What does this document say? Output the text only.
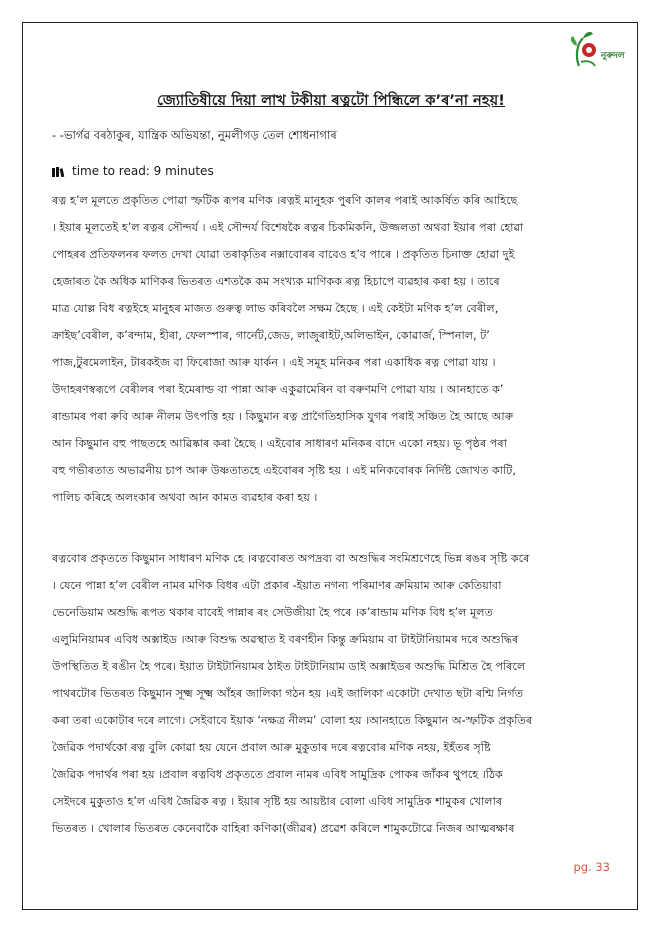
নুৰুদল
জ্যোতিষীয়ে দিয়া লাখ টকীয়া ৰত্নটো পিন্ধিলে ক’ৰ’না নহয়!
- -ভাৰ্গৱ বৰঠাকুৰ, যান্ত্ৰিক অভিযন্তা, নুমলীগড় তেল শোধনাগাৰ
time to read: 9 minutes
ৰত্ন হ’ল মূলতে প্ৰকৃতিত পোৱা স্ফটিক ৰূপৰ মণিক ।ৰত্নই মানুহক পুৰণি কালৰ পৰাই আকৰ্ষিত কৰি আহিছে
। ইয়াৰ মূলতেই হ’ল ৰত্নৰ সৌন্দৰ্য । এই সৌন্দৰ্য বিশেষকৈ ৰত্নৰ চিকমিকনি, উজ্জলতা অথবা ইয়াৰ পৰা হোৱা
পোহৰৰ প্ৰতিফলনৰ ফলত দেখা যোৱা তৰাকৃতিৰ নক্সাবোৰৰ বাবেও হ’ব পাৰে । প্ৰকৃতিত চিনাক্ত হোৱা দুই
হেজাৰত কৈ অধিক মাণিকৰ ভিতৰত এশতকৈ কম সংখ্যক মাণিকক ৰত্ন হিচাপে ব্যৱহাৰ কৰা হয় । তাৰে
মাত্ৰ যোল্ল বিধ ৰত্নইহে মানুহৰ মাজত গুৰুত্ব লাভ কৰিবলৈ সক্ষম হৈছে । এই কেইটা মণিক হ’ল বেৰীল,
ক্ৰাইছ’বেৰীল, ক’ৰন্দাম, হীৰা, ফেলস্পাৰ, গাৰ্নেট,জেড, লাজুৰাইট,অলিভাইন, কোৱাৰ্জ, স্পিনাল, ট’
পাজ,টুৰমেলাইন, টাৰকইজ বা ফিৰোজা আৰু যাৰ্কন । এই সমূহ মনিকৰ পৰা একাধিক ৰত্ন পোৱা যায় ।
উদাহৰণস্বৰূপে বেৰীলৰ পৰা ইমেৰাল্ড বা পান্না আৰু একুৱামেৰিন বা বৰুণমণি পোৱা যায় । আনহাতে ক’
ৰান্ডামৰ পৰা ৰুবি আৰু নীলম উৎপত্তি হয় । কিছুমান ৰত্ন প্ৰাগৈতিহাসিক যুগৰ পৰাই সঞ্চিত হৈ আছে আৰু
আন কিছুমান বহু পাছতহে আৱিষ্কাৰ কৰা হৈছে । এইবোৰ সাধাৰণ মনিকৰ বাদে একো নহয়। ভূ পৃষ্ঠৰ পৰা
বহু গভীৰতাত অভাৱনীয় চাপ আৰু উষ্ণতাতহে এইবোৰৰ সৃষ্টি হয় । এই মনিকবোৰক নিৰ্দিষ্ট জোখত কাটি,
পালিচ কৰিহে অলংকাৰ অথবা আন কামত ব্যৱহাৰ কৰা হয় ।
ৰত্নবোৰ প্ৰকৃততে কিছুমান সাধাৰণ মণিক হে ।ৰত্নবোৰত অপদ্ৰব্য বা অশুদ্ধিৰ সংমিশ্ৰণেহে ভিন্ন ৰঙৰ সৃষ্টি কৰে
। যেনে পান্না হ’ল বেৰীল নামৰ মণিক বিধৰ এটা প্ৰকাৰ -ইয়াত নগন্য পৰিমাণৰ ক্ৰমিয়াম আৰু কেতিয়াবা
ভেনেডিয়াম অশুদ্ধি ৰূপত থকাৰ বাবেই পান্নাৰ ৰং সেউজীয়া হৈ পৰে ।ক’ৰান্ডাম মণিক বিধ হ’ল মূলত
এলুমিনিয়ামৰ এবিধ অক্সাইড ।আৰু বিশুদ্ধ অৱস্থাত ই বৰণহীন কিন্তু ক্ৰমিয়াম বা টাইটানিয়ামৰ দৰে অশুদ্ধিৰ
উপস্থিতিত ই ৰঙীন হৈ পৰে। ইয়াত টাইটানিয়ামৰ ঠাইত টাইটানিয়াম ডাই অক্সাইডৰ অশুদ্ধি মিশ্ৰিত হৈ পৰিলে
পাথৰটোৰ ভিতৰত কিছুমান সূক্ষ্ম সূক্ষ্ম আঁহৰ জালিকা গঠন হয় ।এই জালিকা একোটা দেখাত ছটা ৰশ্মি নিৰ্গত
কৰা তৰা একোটাৰ দৰে লাগে। সেইবাবে ইয়াক ‘নক্ষত্ৰ নীলম’ বোলা হয় ।আনহাতে কিছুমান অ-স্ফটিক প্ৰকৃতিৰ
জৈৱিক পদাৰ্থকো ৰত্ন বুলি কোৱা হয় যেনে প্ৰবাল আৰু মুকুতাৰ দৰে ৰত্নবোৰ মণিক নহয়, ইহঁতৰ সৃষ্টি
জৈৱিক পদাৰ্থৰ পৰা হয় ।প্ৰবাল ৰত্নবিধ প্ৰকৃততে প্ৰবাল নামৰ এবিধ সামুদ্ৰিক পোকৰ জাঁকৰ থুপহে ।ঠিক
সেইদৰে মুকুতাও হ’ল এবিধ জৈৱিক ৰত্ন । ইয়াৰ সৃষ্টি হয় আয়ষ্টাৰ বোলা এবিধ সামুদ্ৰিক শামুকৰ খোলাৰ
ভিতৰত । খোলাৰ ভিতৰত কেনেবাকৈ বাহিৰা কণিকা(জীৱৰ) প্ৰৱেশ কৰিলে শামুকটোৱে নিজৰ আত্মৰক্ষাৰ
pg. 33
